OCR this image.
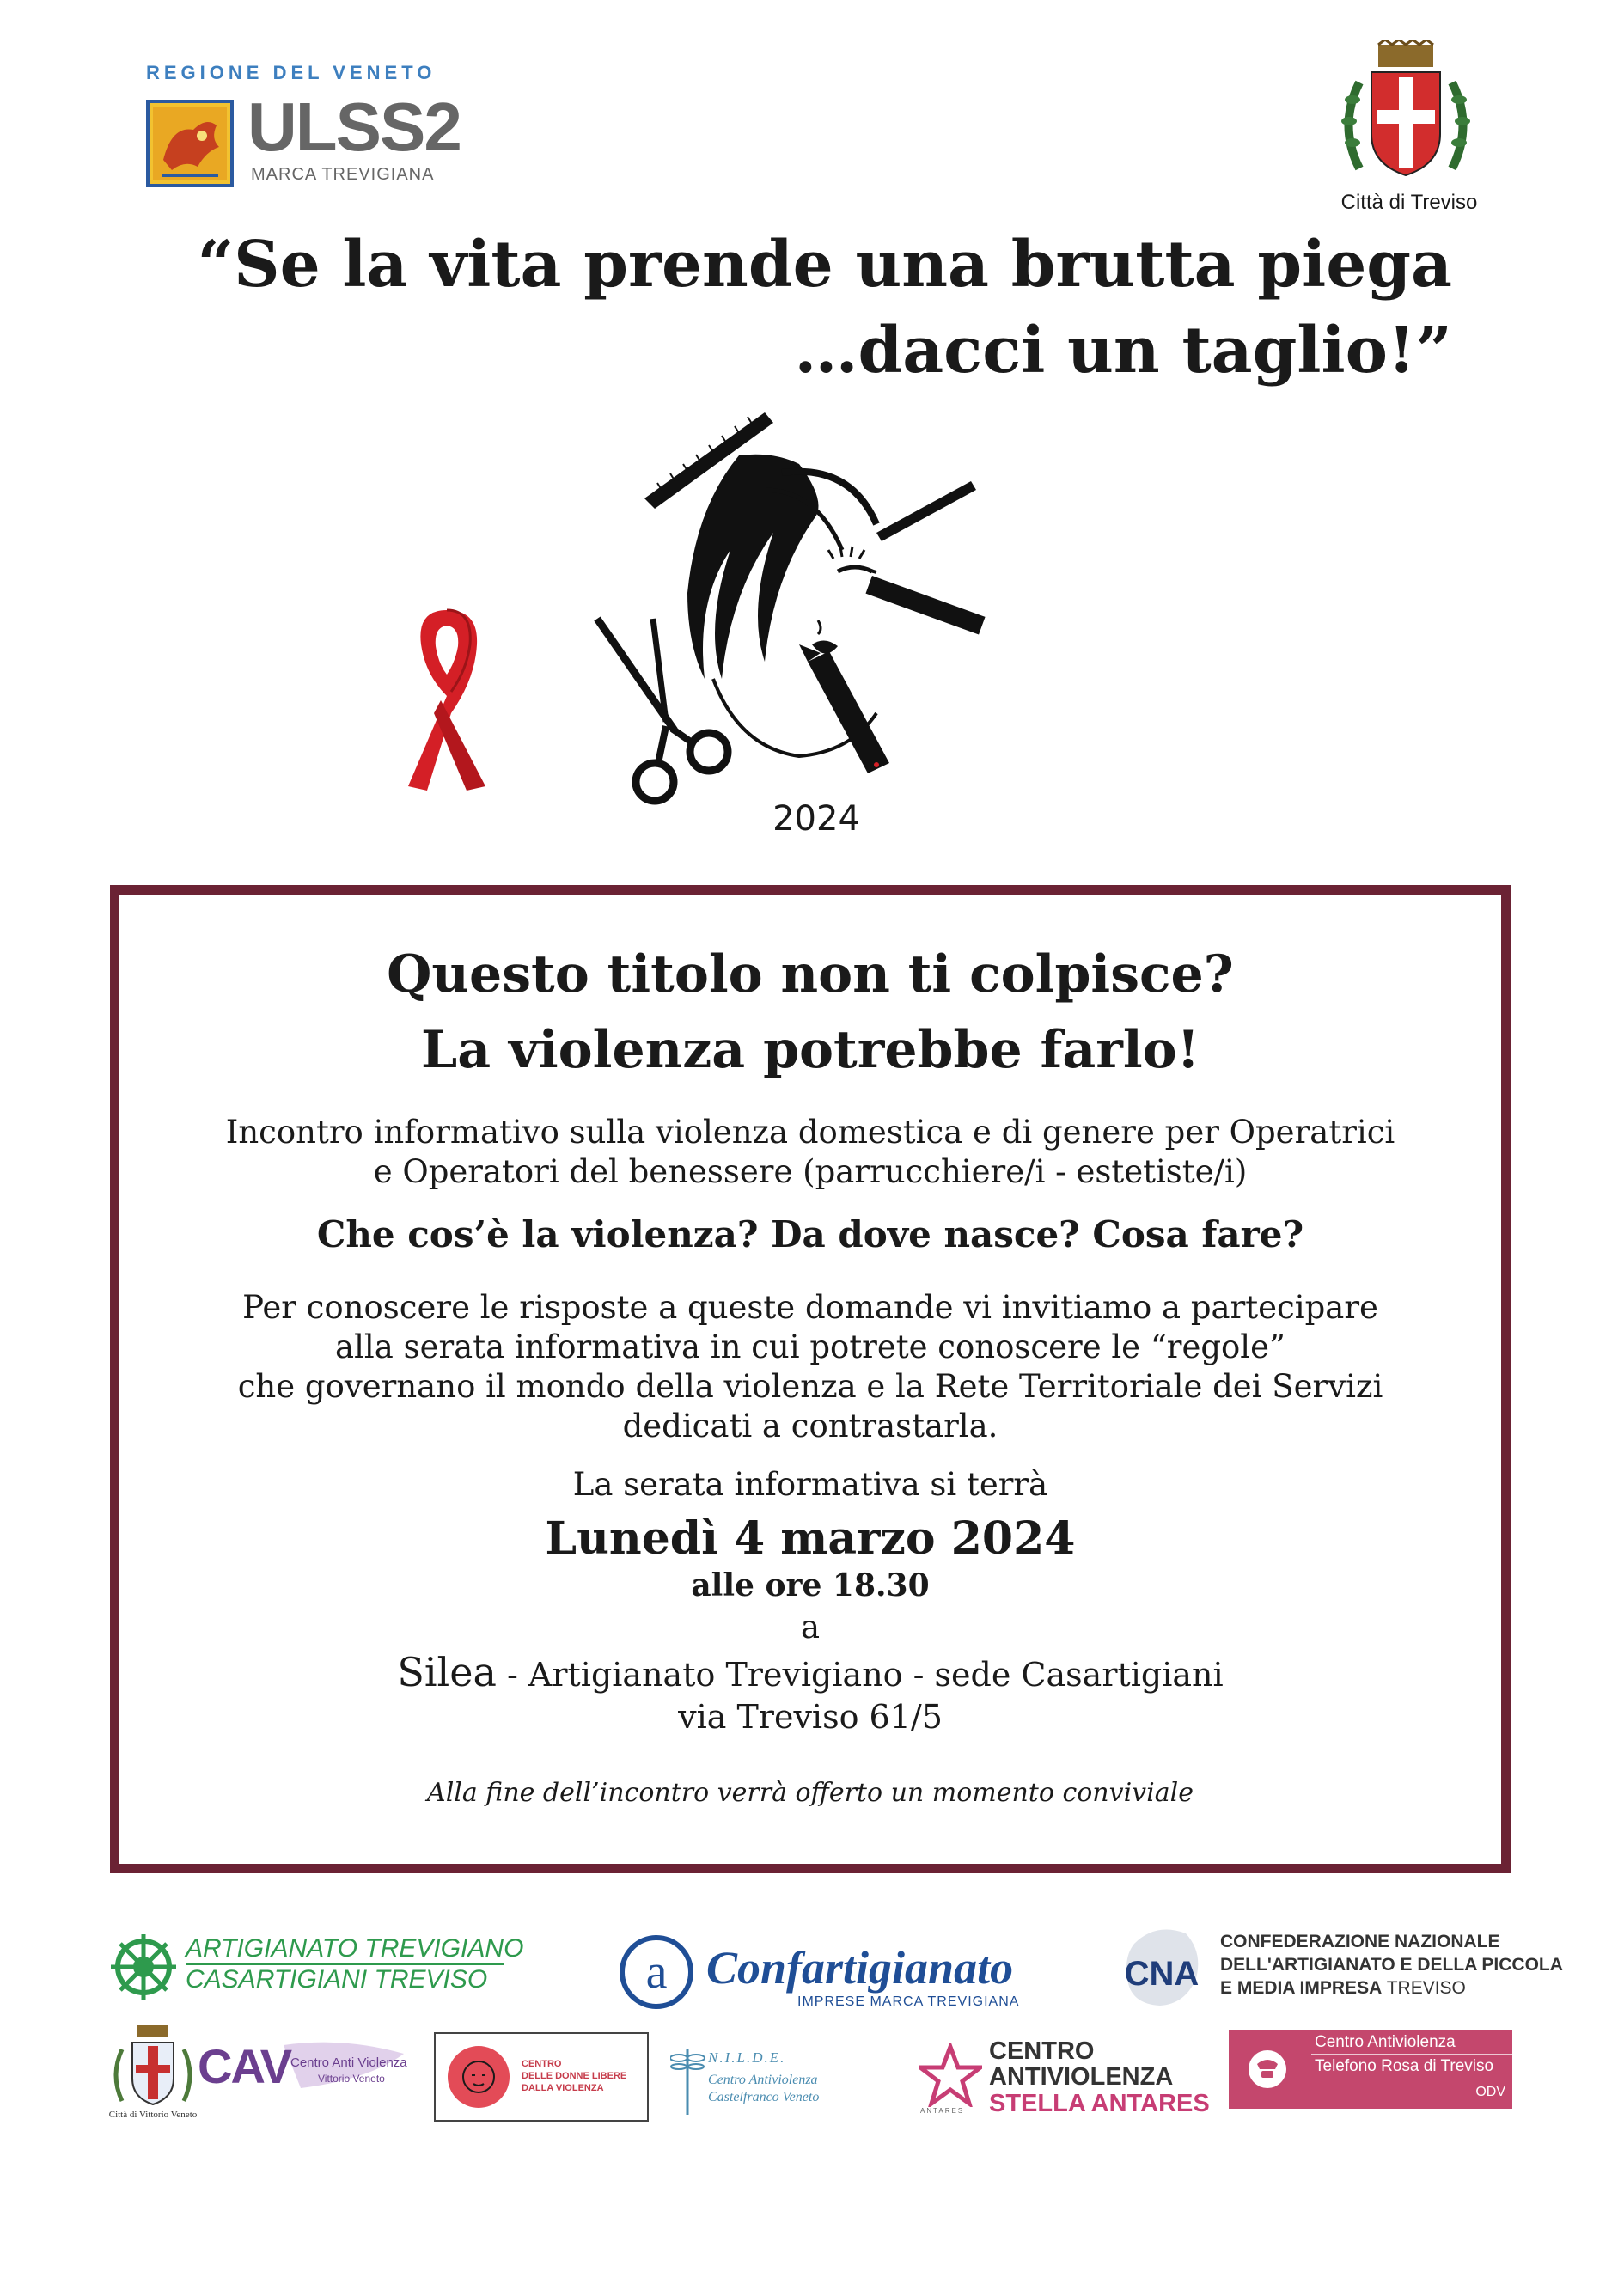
REGIONE DEL VENETO
ULSS2
MARCA TREVIGIANA
Città di Treviso
“Se la vita prende una brutta piega
…dacci un taglio!”
2024
Questo titolo non ti colpisce?
La violenza potrebbe farlo!
Incontro informativo sulla violenza domestica e di genere per Operatrici
e Operatori del benessere (parrucchiere/i - estetiste/i)
Che cos’è la violenza? Da dove nasce? Cosa fare?
Per conoscere le risposte a queste domande vi invitiamo a partecipare
alla serata informativa in cui potrete conoscere le “regole”
che governano il mondo della violenza e la Rete Territoriale dei Servizi
dedicati a contrastarla.
La serata informativa si terrà
Lunedì 4 marzo 2024
alle ore 18.30
a
Silea - Artigianato Trevigiano - sede Casartigiani
via Treviso 61/5
Alla fine dell’incontro verrà offerto un momento conviviale
ARTIGIANATO TREVIGIANO
CASARTIGIANI TREVISO	a Confartigianato
IMPRESE MARCA TREVIGIANA
CNA
CONFEDERAZIONE NAZIONALE
DELL'ARTIGIANATO E DELLA PICCOLA
E MEDIA IMPRESA TREVISO
Città di Vittorio Veneto
CAV Centro Anti Violenza
Vittorio Veneto
CENTRO
DELLE DONNE LIBERE
DALLA VIOLENZA
N.I.L.D.E.
Centro Antiviolenza
Castelfranco Veneto
CENTRO
ANTIVIOLENZA
STELLA ANTARES
ANTARES
Centro Antiviolenza
Telefono Rosa di Treviso
ODV
